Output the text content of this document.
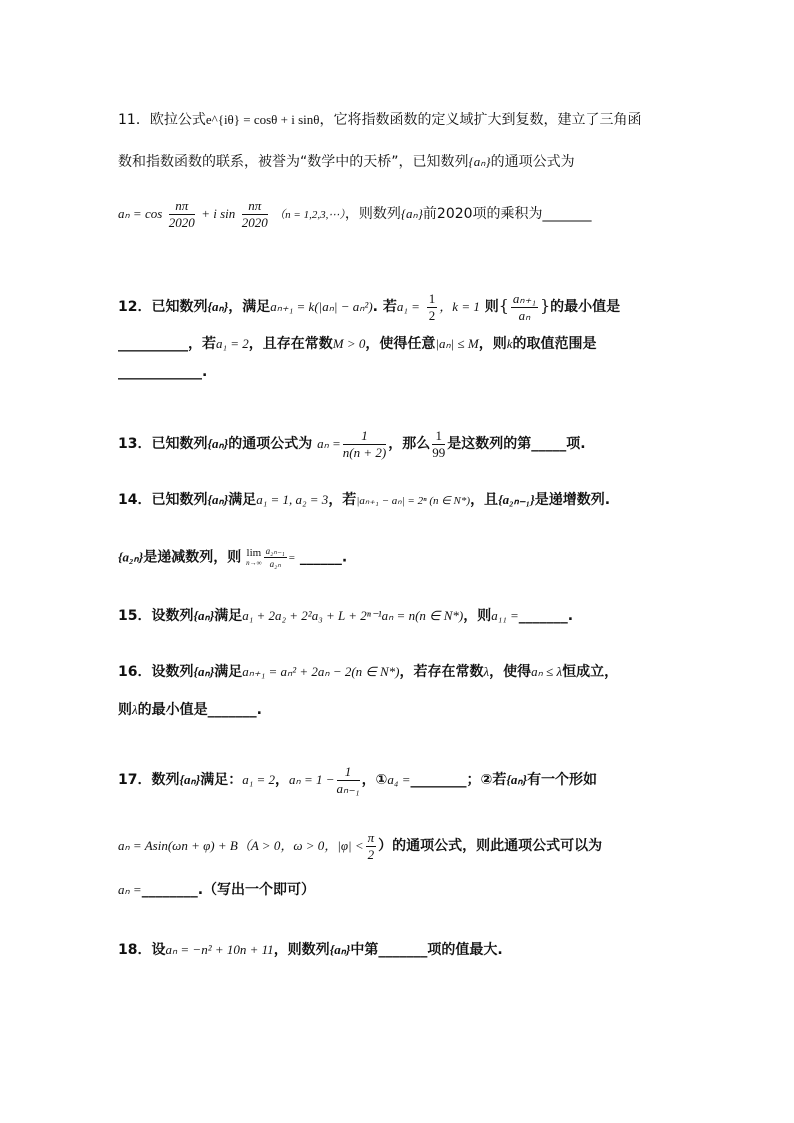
11．欧拉公式e^{iθ} = cosθ + i sinθ，它将指数函数的定义域扩大到复数，建立了三角函
数和指数函数的联系，被誉为“数学中的天桥”，已知数列{aₙ}的通项公式为
$a_n = \cos \frac{n\pi}{2020} + i$ $\sin \frac{n\pi}{2020} (n$ = 1,2,3,⋯），则数列{aₙ}前2020项的乘积为_______
12．已知数列{aₙ}，满足aₙ₊₁ = k(|aₙ| − aₙ²). 若$a_1 = \frac{1}{2}$ ，k = 1 则{ $\frac{\text{aₙ₊₁}}{\text{aₙ}}$ }的最小值是
__________，若a₁ = 2，且存在常数M > 0，使得任意|aₙ| ≤ M，则k的取值范围是
____________.
13．已知数列{aₙ}的通项公式为 $a_n = \frac{1}{n(n + 2)}$ ，那么 $\frac{1}{99}$ 是这数列的第_____项.
14．已知数列{aₙ}满足a₁ = 1, a₂ = 3，若|aₙ₊₁ − aₙ| = 2ⁿ (n ∈ N*)，且{a₂ₙ₋₁}是递增数列.
{a₂ₙ}是递减数列，则 lim
$n\to\infty \frac{\text{a₂ₙ₋₁}}{\text{a₂ₙ}}$ = ______.
15．设数列{aₙ}满足a₁ + 2a₂ + 2²a₃ + L + 2ⁿ⁻¹aₙ = n(n ∈ N*)，则a₁₁ =_______.
16．设数列{aₙ}满足aₙ₊₁ = aₙ² + 2aₙ − 2(n ∈ N*)，若存在常数λ，使得aₙ ≤ λ恒成立，
则λ的最小值是_______.
17．数列{aₙ}满足：a₁ = 2，$a_n = 1 - \frac{1}{\text{aₙ₋₁}}$ ，①a₄ =________；②若{aₙ}有一个形如
aₙ = Asin(ωn + φ) + B（A > 0，ω > 0，$|\varphi| < \frac{\pi}{2}$ ）的通项公式，则此通项公式可以为
aₙ =________.（写出一个即可）
18．设aₙ = −n² + 10n + 11，则数列{aₙ}中第_______项的值最大.
